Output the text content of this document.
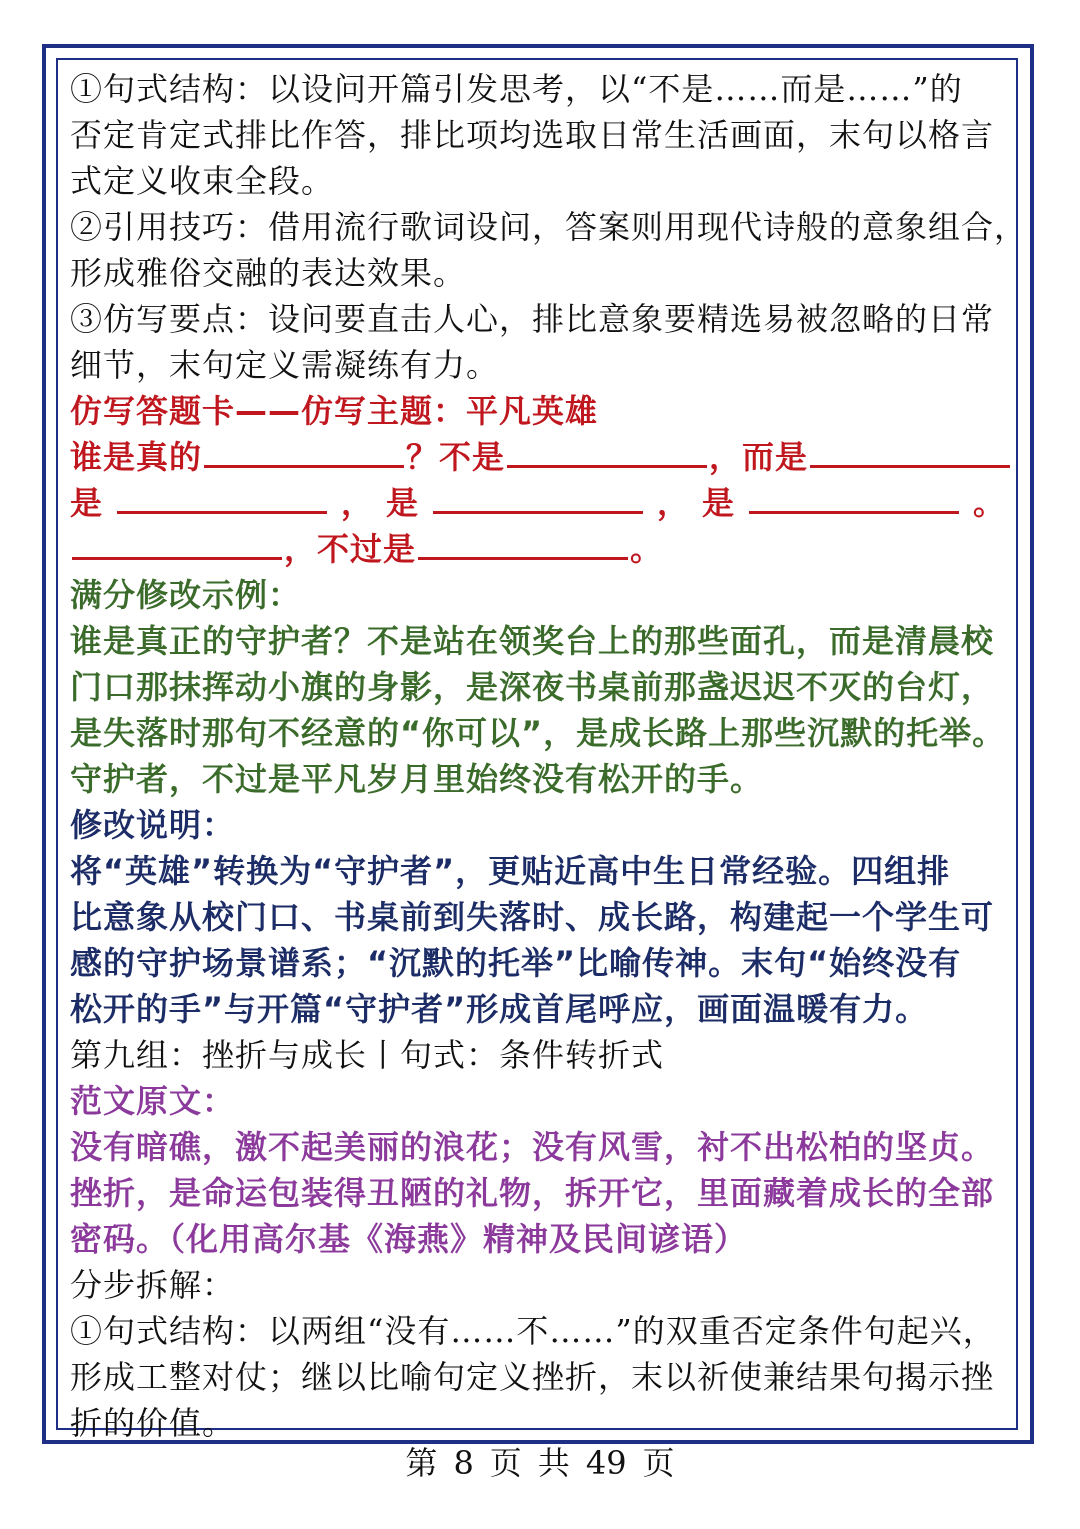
①句式结构：以设问开篇引发思考，以“不是……而是……”的
否定肯定式排比作答，排比项均选取日常生活画面，末句以格言
式定义收束全段。
②引用技巧：借用流行歌词设问，答案则用现代诗般的意象组合，
形成雅俗交融的表达效果。
③仿写要点：设问要直击人心，排比意象要精选易被忽略的日常
细节，末句定义需凝练有力。
仿写答题卡——仿写主题：平凡英雄
谁是真的	？不是	，而是
是	， 是	， 是	。
，不过是	。
满分修改示例：
谁是真正的守护者？不是站在领奖台上的那些面孔，而是清晨校
门口那抹挥动小旗的身影，是深夜书桌前那盏迟迟不灭的台灯，
是失落时那句不经意的“你可以”，是成长路上那些沉默的托举。
守护者，不过是平凡岁月里始终没有松开的手。
修改说明：
将“英雄”转换为“守护者”，更贴近高中生日常经验。四组排
比意象从校门口、书桌前到失落时、成长路，构建起一个学生可
感的守护场景谱系；“沉默的托举”比喻传神。末句“始终没有
松开的手”与开篇“守护者”形成首尾呼应，画面温暖有力。
第九组：挫折与成长丨句式：条件转折式
范文原文：
没有暗礁，激不起美丽的浪花；没有风雪，衬不出松柏的坚贞。
挫折，是命运包装得丑陋的礼物，拆开它，里面藏着成长的全部
密码。（化用高尔基《海燕》精神及民间谚语）
分步拆解：
①句式结构：以两组“没有……不……”的双重否定条件句起兴，
形成工整对仗；继以比喻句定义挫折，末以祈使兼结果句揭示挫
折的价值。
第 8 页 共 49 页
